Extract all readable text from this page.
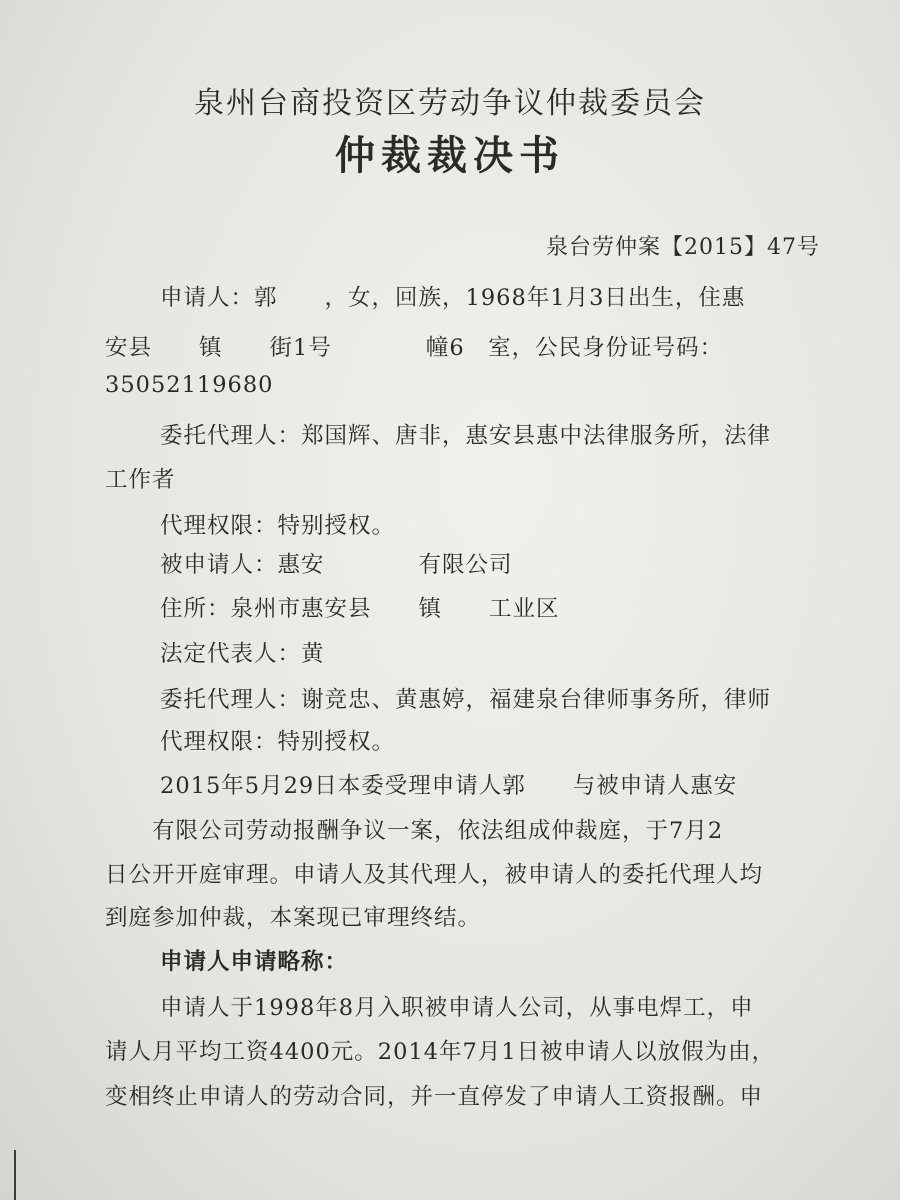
泉州台商投资区劳动争议仲裁委员会
仲裁裁决书
泉台劳仲案【2015】47号
申请人：郭　　，女，回族，1968年1月3日出生，住惠
安县　　镇　　街1号　　　　幢6　室，公民身份证号码：
35052119680
委托代理人：郑国辉、唐非，惠安县惠中法律服务所，法律
工作者
代理权限：特别授权。
被申请人：惠安　　　　有限公司
住所：泉州市惠安县　　镇　　工业区
法定代表人：黄
委托代理人：谢竞忠、黄惠婷，福建泉台律师事务所，律师
代理权限：特别授权。
2015年5月29日本委受理申请人郭　　与被申请人惠安
　　有限公司劳动报酬争议一案，依法组成仲裁庭，于7月2
日公开开庭审理。申请人及其代理人，被申请人的委托代理人均
到庭参加仲裁，本案现已审理终结。
申请人申请略称：
申请人于1998年8月入职被申请人公司，从事电焊工，申
请人月平均工资4400元。2014年7月1日被申请人以放假为由，
变相终止申请人的劳动合同，并一直停发了申请人工资报酬。申
